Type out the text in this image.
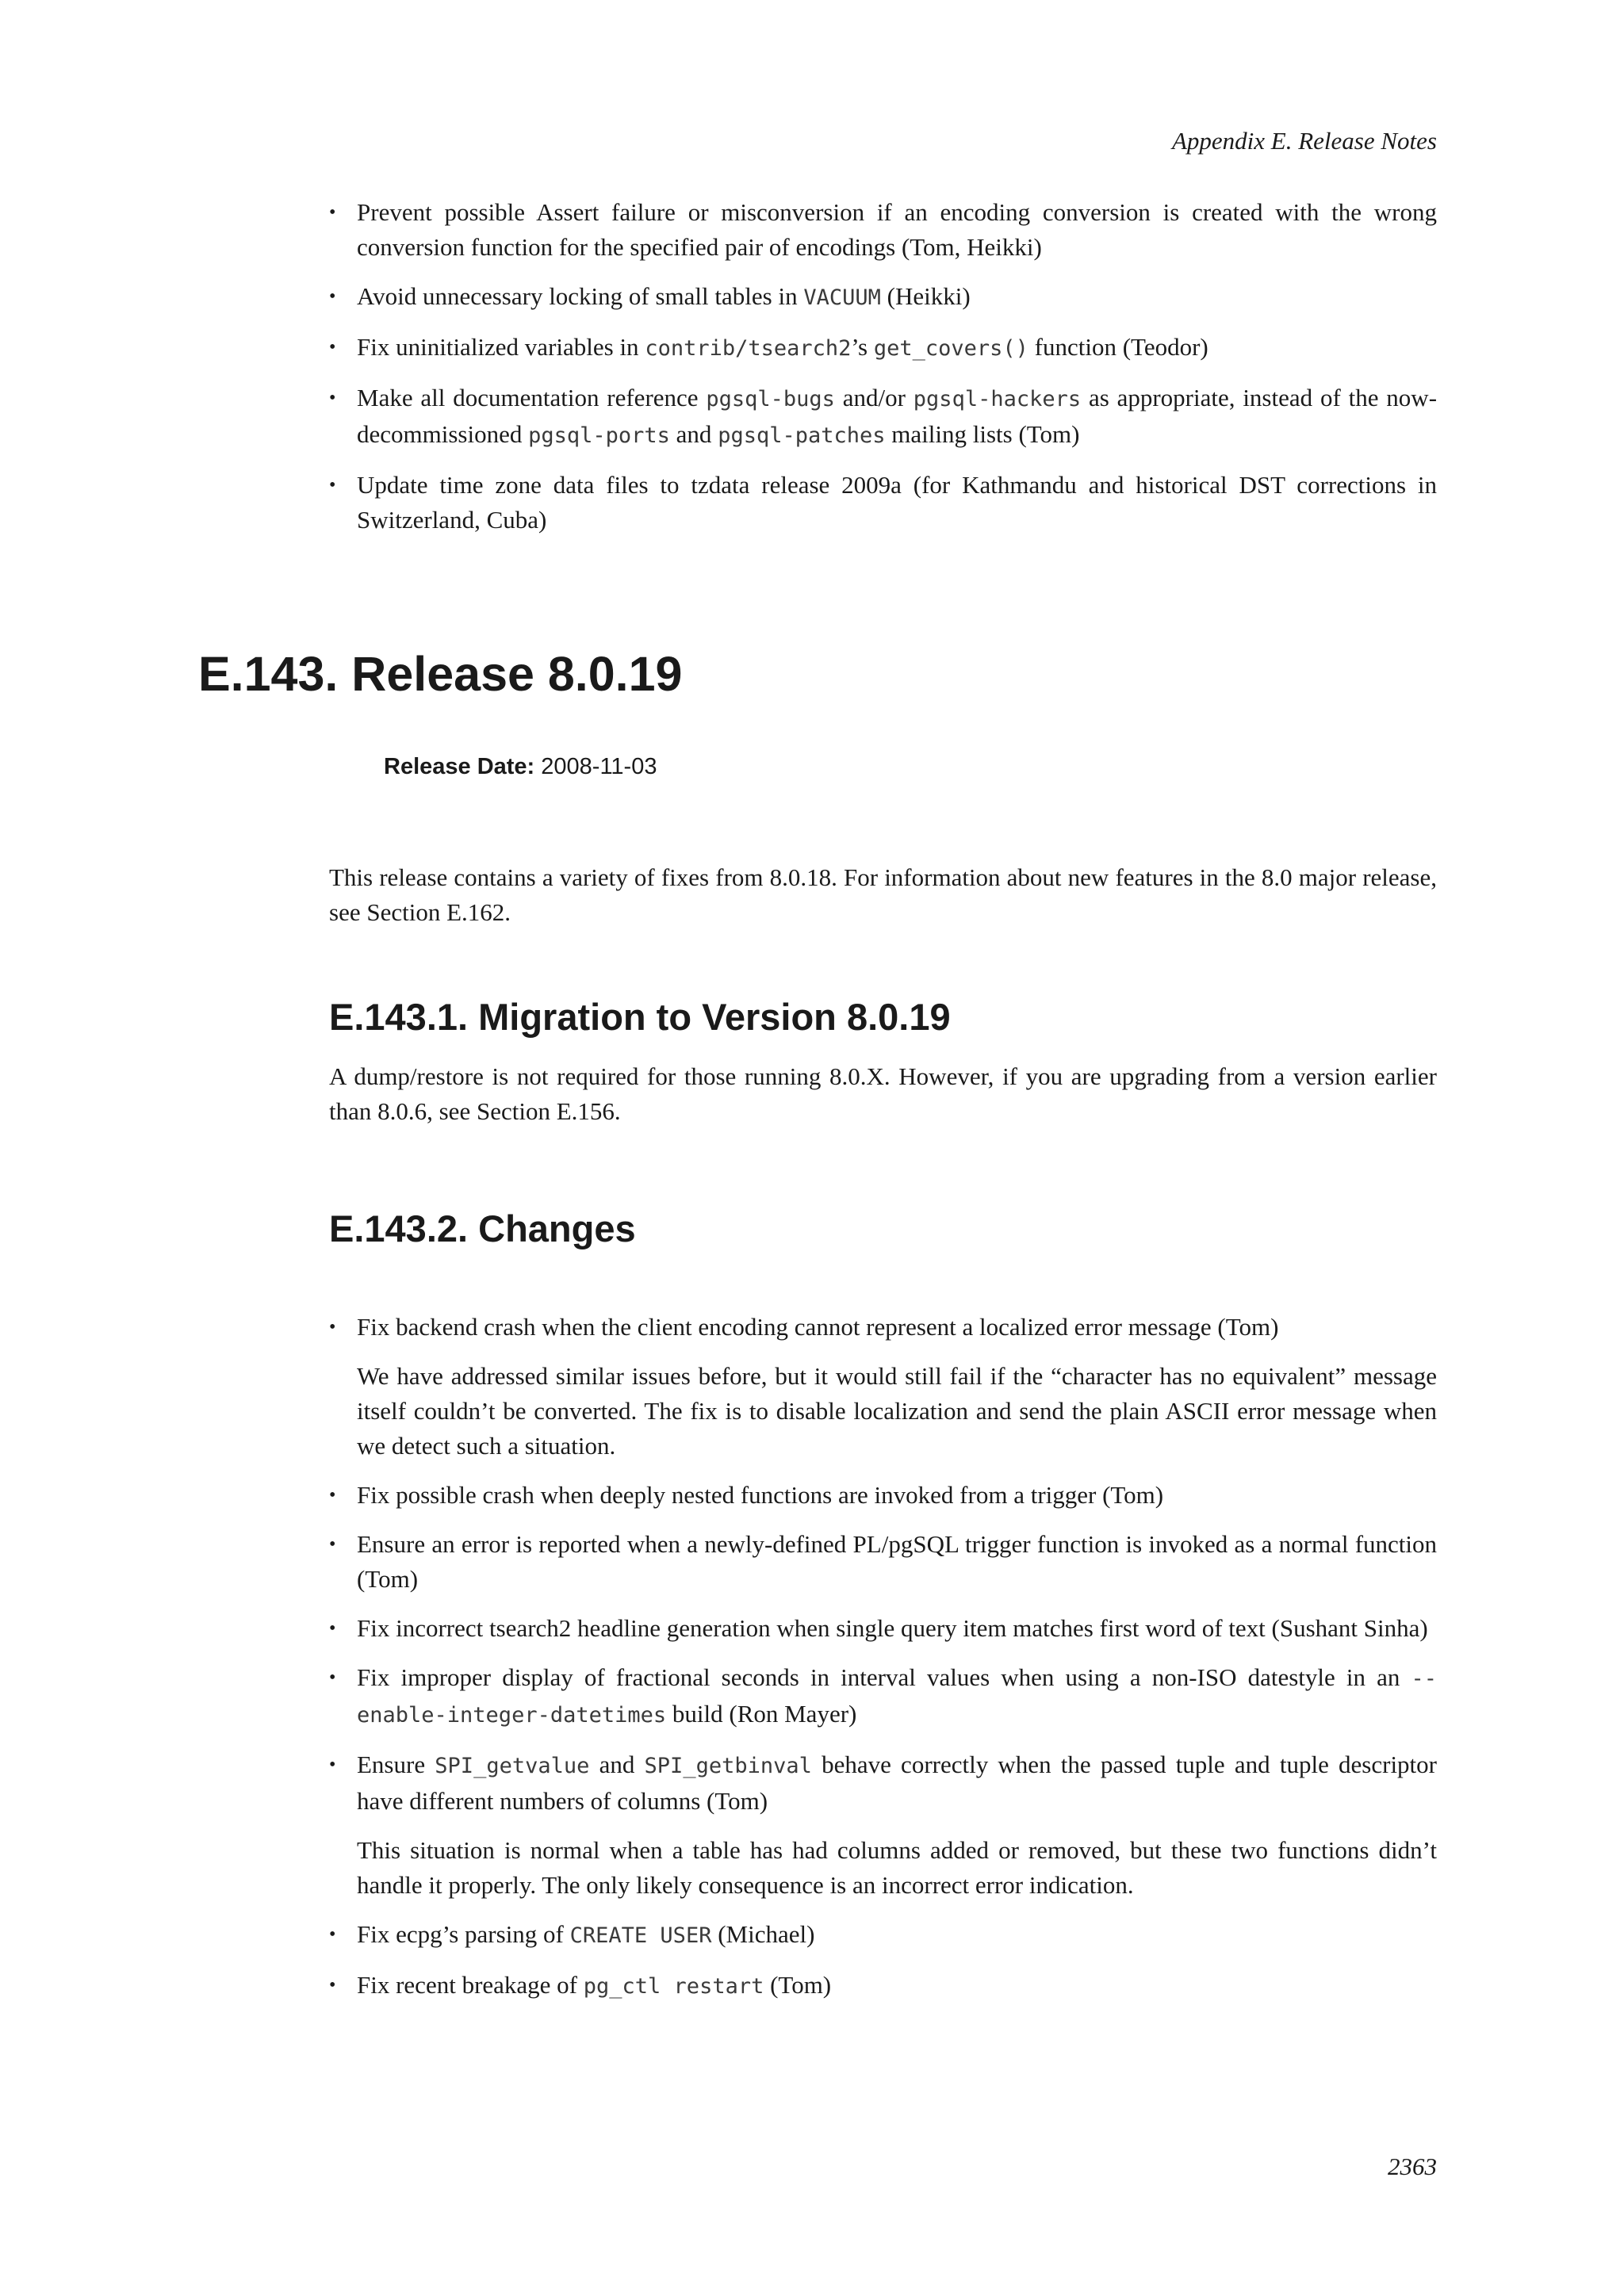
Appendix E. Release Notes
• Prevent possible Assert failure or misconversion if an encoding conversion is created with the wrong conversion function for the specified pair of encodings (Tom, Heikki)
• Avoid unnecessary locking of small tables in VACUUM (Heikki)
• Fix uninitialized variables in contrib/tsearch2’s get_covers() function (Teodor)
• Make all documentation reference pgsql-bugs and/or pgsql-hackers as appropriate, instead of the now-decommissioned pgsql-ports and pgsql-patches mailing lists (Tom)
• Update time zone data files to tzdata release 2009a (for Kathmandu and historical DST corrections in Switzerland, Cuba)
E.143. Release 8.0.19
Release Date: 2008-11-03

This release contains a variety of fixes from 8.0.18. For information about new features in the 8.0 major release, see Section E.162.

E.143.1. Migration to Version 8.0.19

A dump/restore is not required for those running 8.0.X. However, if you are upgrading from a version earlier than 8.0.6, see Section E.156.

E.143.2. Changes
• Fix backend crash when the client encoding cannot represent a localized error message (Tom)
We have addressed similar issues before, but it would still fail if the “character has no equivalent” message itself couldn’t be converted. The fix is to disable localization and send the plain ASCII error message when we detect such a situation.
• Fix possible crash when deeply nested functions are invoked from a trigger (Tom)
• Ensure an error is reported when a newly-defined PL/pgSQL trigger function is invoked as a normal function (Tom)
• Fix incorrect tsearch2 headline generation when single query item matches first word of text (Sushant Sinha)
• Fix improper display of fractional seconds in interval values when using a non-ISO datestyle in an --enable-integer-datetimes build (Ron Mayer)
• Ensure SPI_getvalue and SPI_getbinval behave correctly when the passed tuple and tuple descriptor have different numbers of columns (Tom)
This situation is normal when a table has had columns added or removed, but these two functions didn’t handle it properly. The only likely consequence is an incorrect error indication.
• Fix ecpg’s parsing of CREATE USER (Michael)
• Fix recent breakage of pg_ctl restart (Tom)
2363
